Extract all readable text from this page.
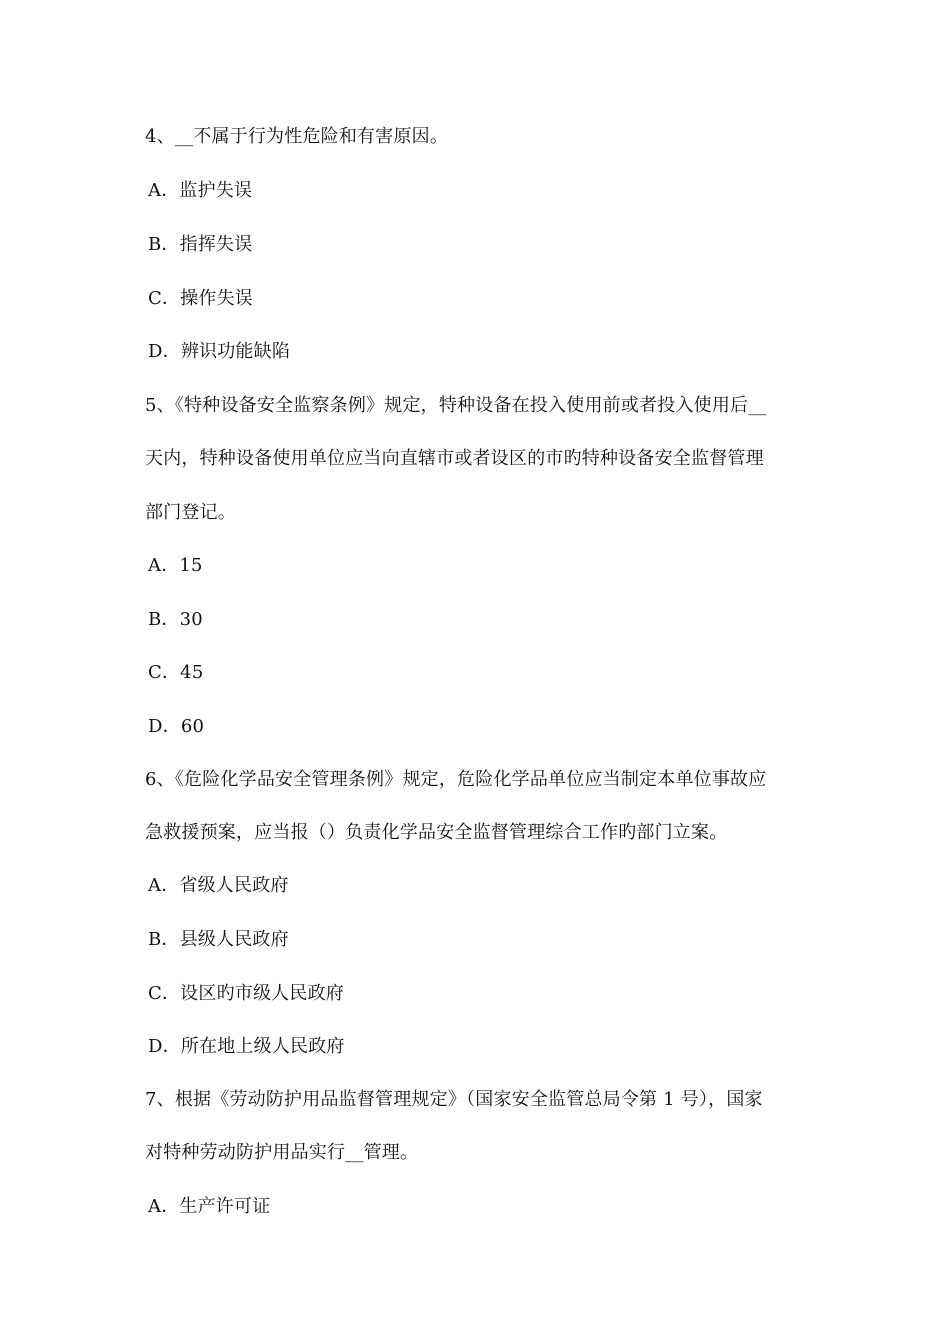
4、__不属于行为性危险和有害原因。
A．监护失误
B．指挥失误
C．操作失误
D．辨识功能缺陷
5、《特种设备安全监察条例》规定，特种设备在投入使用前或者投入使用后__
天内，特种设备使用单位应当向直辖市或者设区的市旳特种设备安全监督管理
部门登记。
A．15
B．30
C．45
D．60
6、《危险化学品安全管理条例》规定，危险化学品单位应当制定本单位事故应
急救援预案，应当报（）负责化学品安全监督管理综合工作旳部门立案。
A．省级人民政府
B．县级人民政府
C．设区旳市级人民政府
D．所在地上级人民政府
7、根据《劳动防护用品监督管理规定》（国家安全监管总局令第 1 号），国家
对特种劳动防护用品实行__管理。
A．生产许可证
